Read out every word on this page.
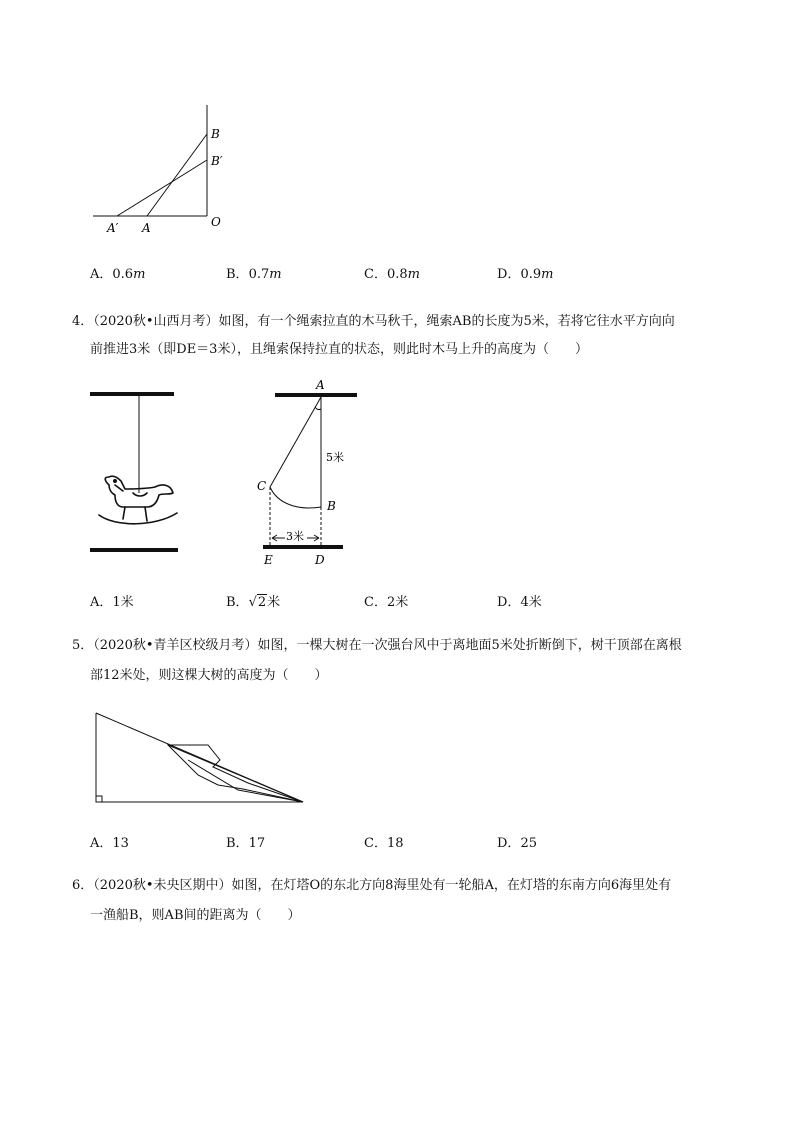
B
B′
O
A′ A
A．0.6m	B．0.7m	C．0.8m	D．0.9m
4．（2020秋•山西月考）如图，有一个绳索拉直的木马秋千，绳索AB的长度为5米，若将它往水平方向向
前推进3米（即DE＝3米），且绳索保持拉直的状态，则此时木马上升的高度为（　　）
3米
A
5米
C
B
E	D
A．1米	B．√2米	C．2米	D．4米
5．（2020秋•青羊区校级月考）如图，一棵大树在一次强台风中于离地面5米处折断倒下，树干顶部在离根
部12米处，则这棵大树的高度为（　　）
A．13	B．17	C．18	D．25
6．（2020秋•未央区期中）如图，在灯塔O的东北方向8海里处有一轮船A，在灯塔的东南方向6海里处有
一渔船B，则AB间的距离为（　　）
